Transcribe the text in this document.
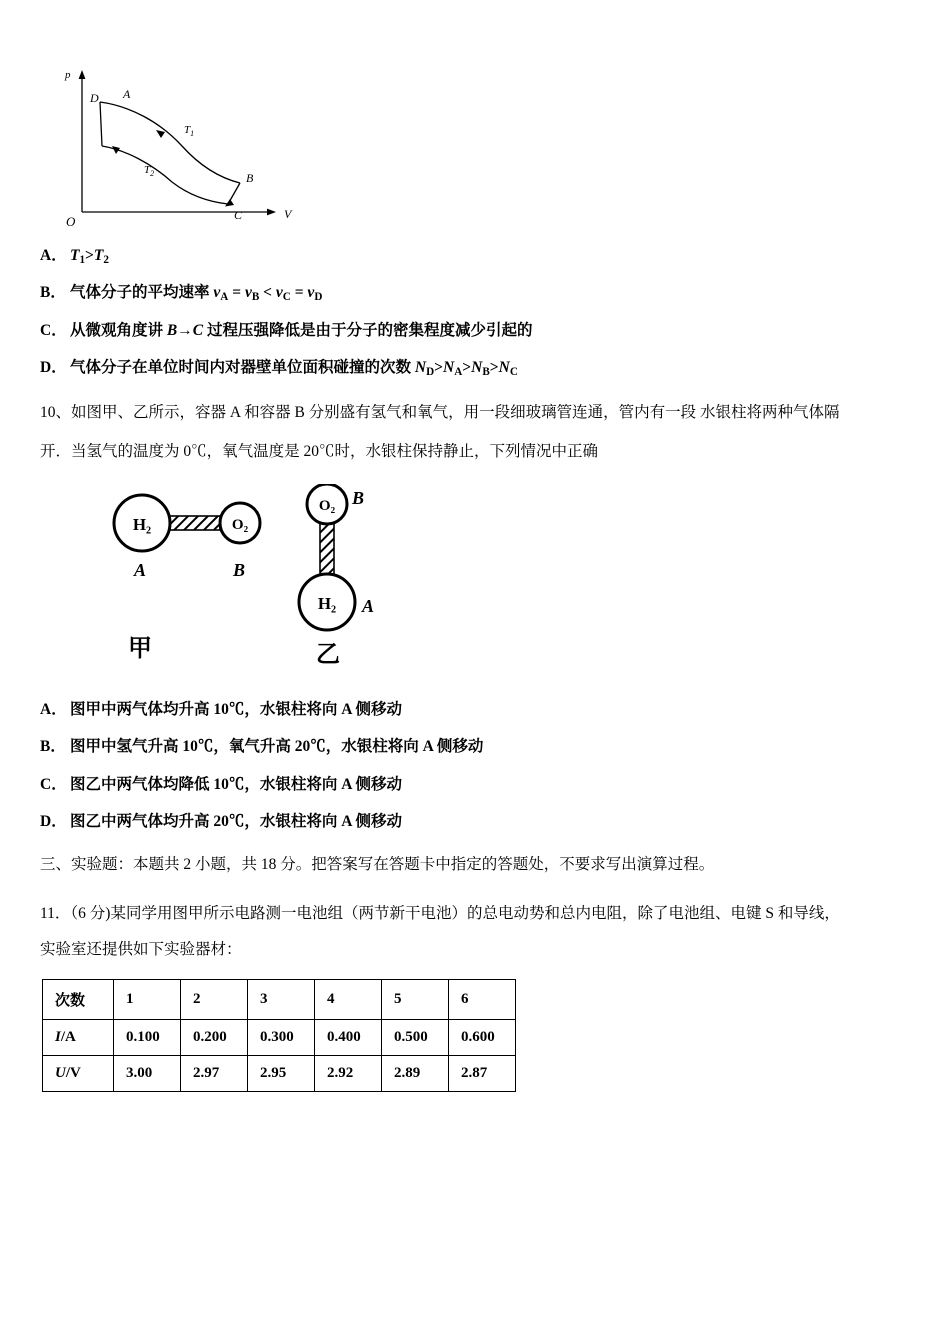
p
V
O
D A
B
C
$T_1$
$T_2$
A． $T_1>T_2$
B． 气体分子的平均速率 $v_A = v_B < v_C = v_D$
C． 从微观角度讲 B→C 过程压强降低是由于分子的密集程度减少引起的
D． 气体分子在单位时间内对器壁单位面积碰撞的次数 $N_D>N_A>N_B>N_C$
10、如图甲、乙所示，容器 A 和容器 B 分别盛有氢气和氧气，用一段细玻璃管连通，管内有一段 水银柱将两种气体隔
开．当氢气的温度为 0℃，氧气温度是 20℃时，水银柱保持静止，下列情况中正确
H₂	O₂
A	B
甲
O₂
H₂
B
A
乙
A． 图甲中两气体均升高 10℃，水银柱将向 A 侧移动
B． 图甲中氢气升高 10℃，氧气升高 20℃，水银柱将向 A 侧移动
C． 图乙中两气体均降低 10℃，水银柱将向 A 侧移动
D． 图乙中两气体均升高 20℃，水银柱将向 A 侧移动
三、实验题：本题共 2 小题，共 18 分。把答案写在答题卡中指定的答题处，不要求写出演算过程。
11．（6 分)某同学用图甲所示电路测一电池组（两节新干电池）的总电动势和总内电阻，除了电池组、电键 S 和导线，
实验室还提供如下实验器材：
次数	1	2	3	4	5	6
I/A	0.100	0.200	0.300	0.400	0.500	0.600
U/V	3.00	2.97	2.95	2.92	2.89	2.87
